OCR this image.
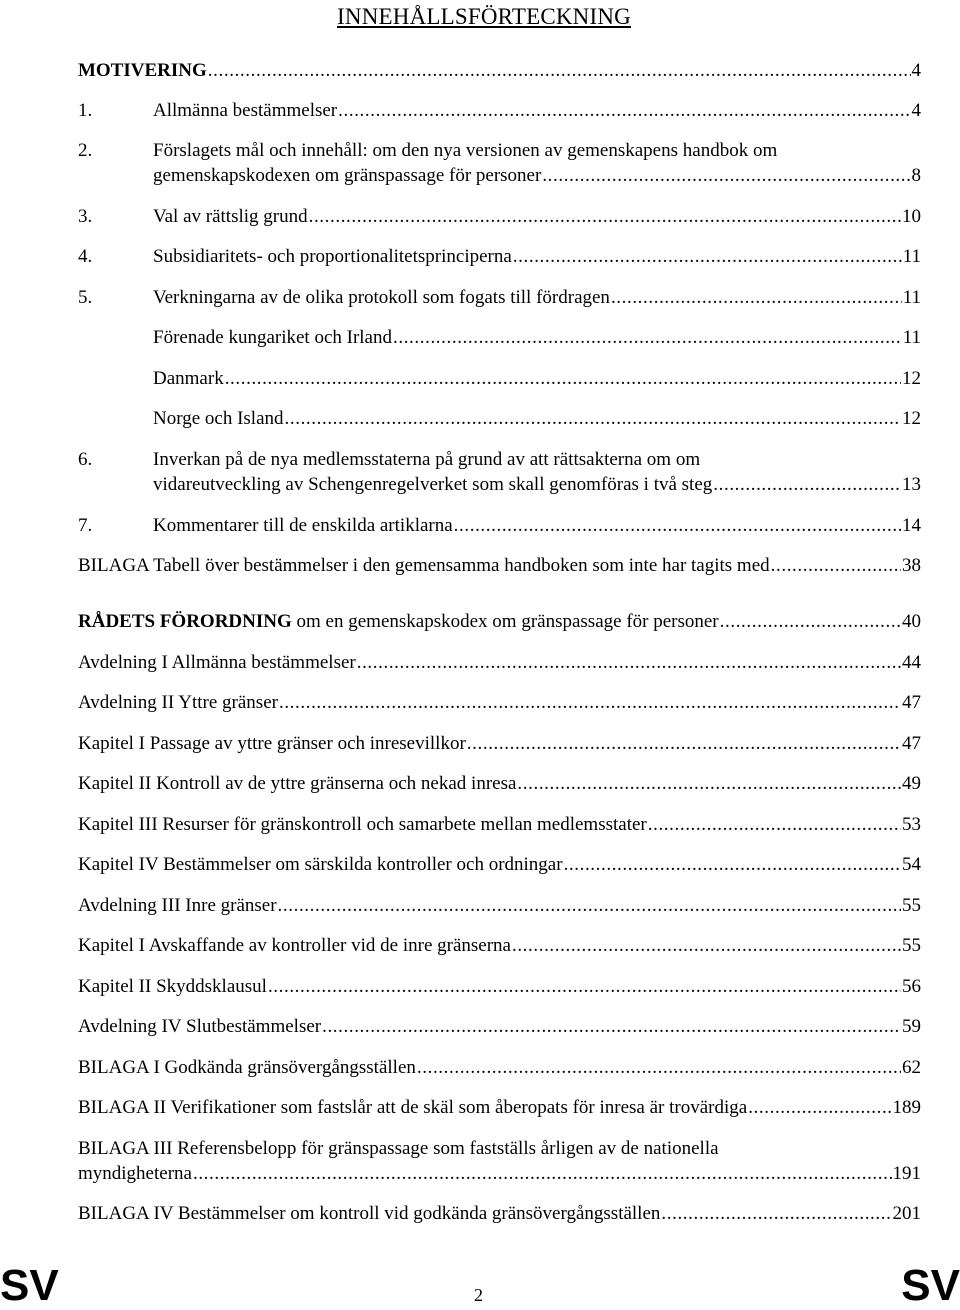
INNEHÅLLSFÖRTECKNING
MOTIVERING .....	4
1.	Allmänna bestämmelser .....	4
2.	Förslagets mål och innehåll: om den nya versionen av gemenskapens handbok om
gemenskapskodexen om gränspassage för personer .....	8
3.	Val av rättslig grund .....	10
4.	Subsidiaritets- och proportionalitetsprinciperna .....	11
5.	Verkningarna av de olika protokoll som fogats till fördragen .....	11
Förenade kungariket och Irland .....	11
Danmark .....	12
Norge och Island .....	12
6.	Inverkan på de nya medlemsstaterna på grund av att rättsakterna om om
vidareutveckling av Schengenregelverket som skall genomföras i två steg .....	13
7.	Kommentarer till de enskilda artiklarna .....	14
BILAGA Tabell över bestämmelser i den gemensamma handboken som inte har tagits med .....	38
RÅDETS FÖRORDNING om en gemenskapskodex om gränspassage för personer .....	40
Avdelning I Allmänna bestämmelser .....	44
Avdelning II Yttre gränser .....	47
Kapitel I Passage av yttre gränser och inresevillkor .....	47
Kapitel II Kontroll av de yttre gränserna och nekad inresa .....	49
Kapitel III Resurser för gränskontroll och samarbete mellan medlemsstater .....	53
Kapitel IV Bestämmelser om särskilda kontroller och ordningar .....	54
Avdelning III Inre gränser .....	55
Kapitel I Avskaffande av kontroller vid de inre gränserna .....	55
Kapitel II Skyddsklausul .....	56
Avdelning IV Slutbestämmelser .....	59
BILAGA I Godkända gränsövergångsställen .....	62
BILAGA II Verifikationer som fastslår att de skäl som åberopats för inresa är trovärdiga .....	189
BILAGA III Referensbelopp för gränspassage som fastställs årligen av de nationella
myndigheterna .....	191
BILAGA IV Bestämmelser om kontroll vid godkända gränsövergångsställen .....	201
SV	SV
2
